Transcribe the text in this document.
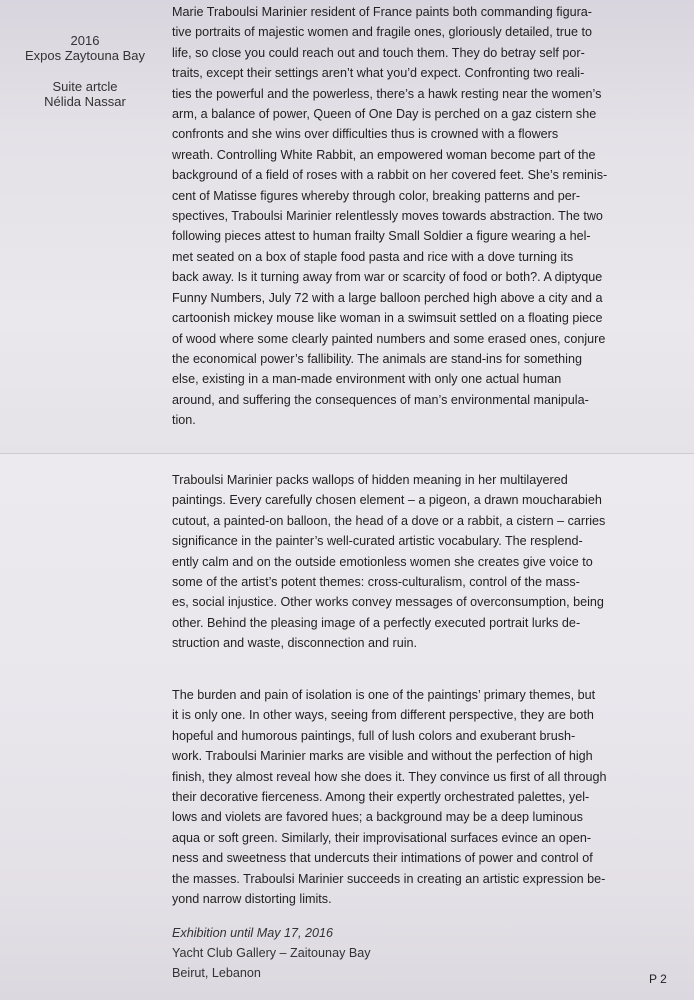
2016
Expos Zaytouna Bay
Suite artcle
Nélida Nassar

Marie Traboulsi Marinier resident of France paints both commanding figura-
tive portraits of majestic women and fragile ones, gloriously detailed, true to
life, so close you could reach out and touch them. They do betray self por-
traits, except their settings aren’t what you’d expect. Confronting two reali-
ties the powerful and the powerless, there’s a hawk resting near the women’s
arm, a balance of power, Queen of One Day is perched on a gaz cistern she
confronts and she wins over difficulties thus is crowned with a flowers
wreath. Controlling White Rabbit, an empowered woman become part of the
background of a field of roses with a rabbit on her covered feet. She’s reminis-
cent of Matisse figures whereby through color, breaking patterns and per-
spectives, Traboulsi Marinier relentlessly moves towards abstraction. The two
following pieces attest to human frailty Small Soldier a figure wearing a hel-
met seated on a box of staple food pasta and rice with a dove turning its
back away. Is it turning away from war or scarcity of food or both?. A diptyque
Funny Numbers, July 72 with a large balloon perched high above a city and a
cartoonish mickey mouse like woman in a swimsuit settled on a floating piece
of wood where some clearly painted numbers and some erased ones, conjure
the economical power’s fallibility. The animals are stand-ins for something
else, existing in a man-made environment with only one actual human
around, and suffering the consequences of man’s environmental manipula-
tion.

Traboulsi Marinier packs wallops of hidden meaning in her multilayered
paintings. Every carefully chosen element – a pigeon, a drawn moucharabieh
cutout, a painted-on balloon, the head of a dove or a rabbit, a cistern – carries
significance in the painter’s well-curated artistic vocabulary. The resplend-
ently calm and on the outside emotionless women she creates give voice to
some of the artist’s potent themes: cross-culturalism, control of the mass-
es, social injustice. Other works convey messages of overconsumption, being
other. Behind the pleasing image of a perfectly executed portrait lurks de-
struction and waste, disconnection and ruin.

The burden and pain of isolation is one of the paintings’ primary themes, but
it is only one. In other ways, seeing from different perspective, they are both
hopeful and humorous paintings, full of lush colors and exuberant brush-
work. Traboulsi Marinier marks are visible and without the perfection of high
finish, they almost reveal how she does it. They convince us first of all through
their decorative fierceness. Among their expertly orchestrated palettes, yel-
lows and violets are favored hues; a background may be a deep luminous
aqua or soft green. Similarly, their improvisational surfaces evince an open-
ness and sweetness that undercuts their intimations of power and control of
the masses. Traboulsi Marinier succeeds in creating an artistic expression be-
yond narrow distorting limits.

Exhibition until May 17, 2016
Yacht Club Gallery – Zaitounay Bay
Beirut, Lebanon	P 2
